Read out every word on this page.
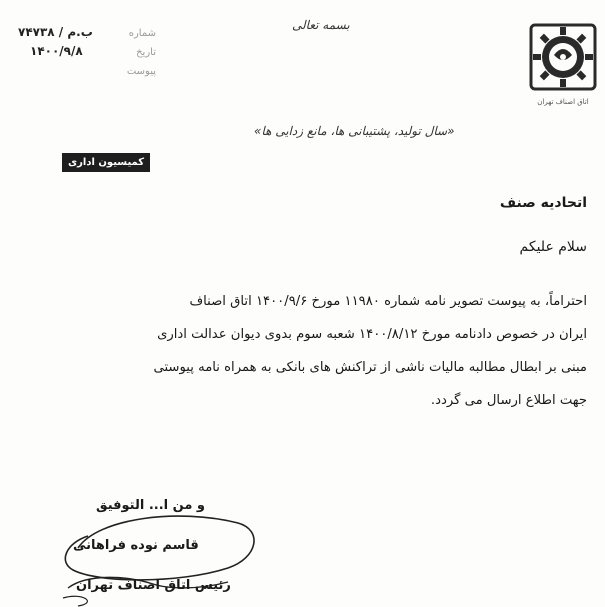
شماره
۷۴۷۳۸ / ب.م
تاریخ
۱۴۰۰/۹/۸
پیوست
بسمه تعالی
اتاق اصناف تهران
«سال تولید، پشتیبانی ها، مانع زدایی ها»
کمیسیون اداری
اتحادیه صنف
سلام علیکم
احتراماً، به پیوست تصویر نامه شماره ۱۱۹۸۰ مورخ ۱۴۰۰/۹/۶ اتاق اصناف
ایران در خصوص دادنامه مورخ ۱۴۰۰/۸/۱۲ شعبه سوم بدوی دیوان عدالت اداری
مبنی بر ابطال مطالبه مالیات ناشی از تراکنش های بانکی به همراه نامه پیوستی
جهت اطلاع ارسال می گردد.
و من ا... التوفیق
قاسم نوده فراهانی
رئیس اتاق اصناف تهران
